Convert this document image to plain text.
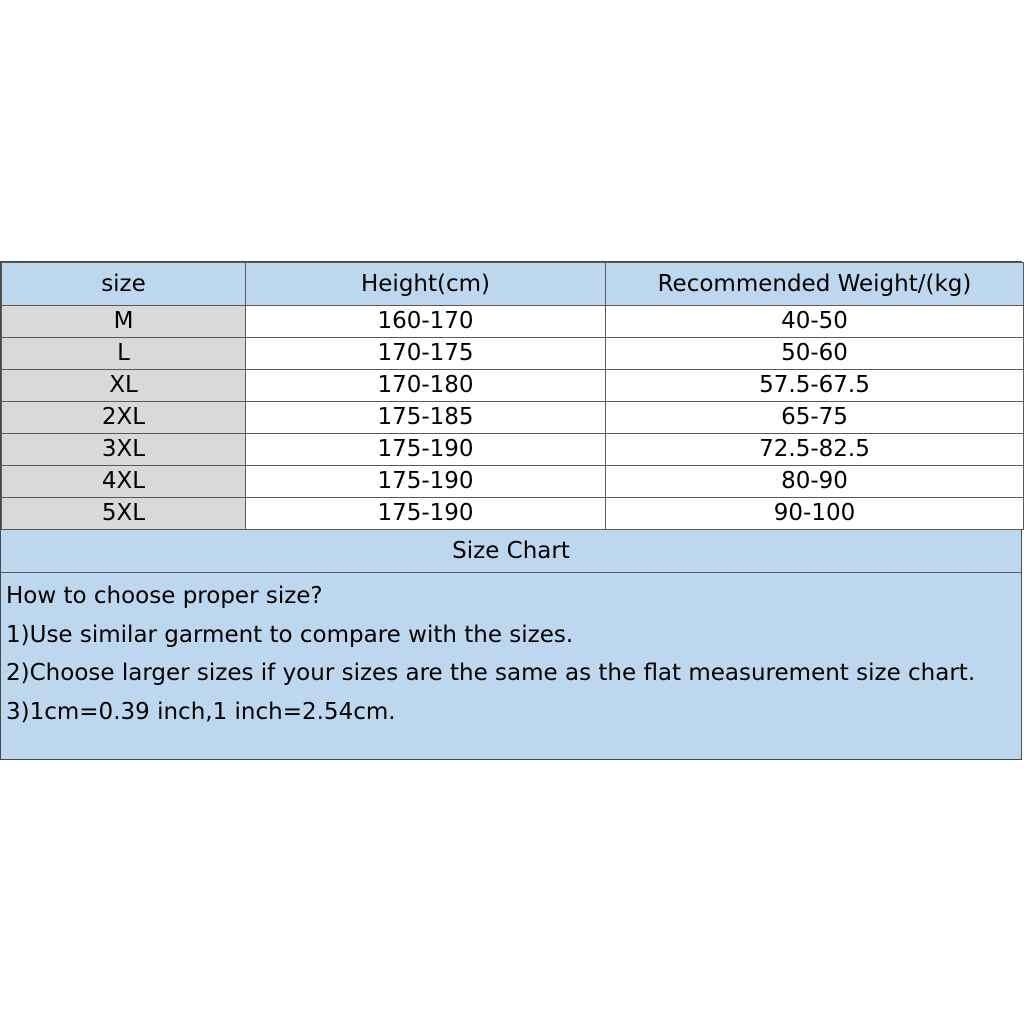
size	Height(cm)	Recommended Weight/(kg)
M	160-170	40-50
L	170-175	50-60
XL	170-180	57.5-67.5
2XL	175-185	65-75
3XL	175-190	72.5-82.5
4XL	175-190	80-90
5XL	175-190	90-100
Size Chart
How to choose proper size?
1)Use similar garment to compare with the sizes.
2)Choose larger sizes if your sizes are the same as the flat measurement size chart.
3)1cm=0.39 inch,1 inch=2.54cm.
